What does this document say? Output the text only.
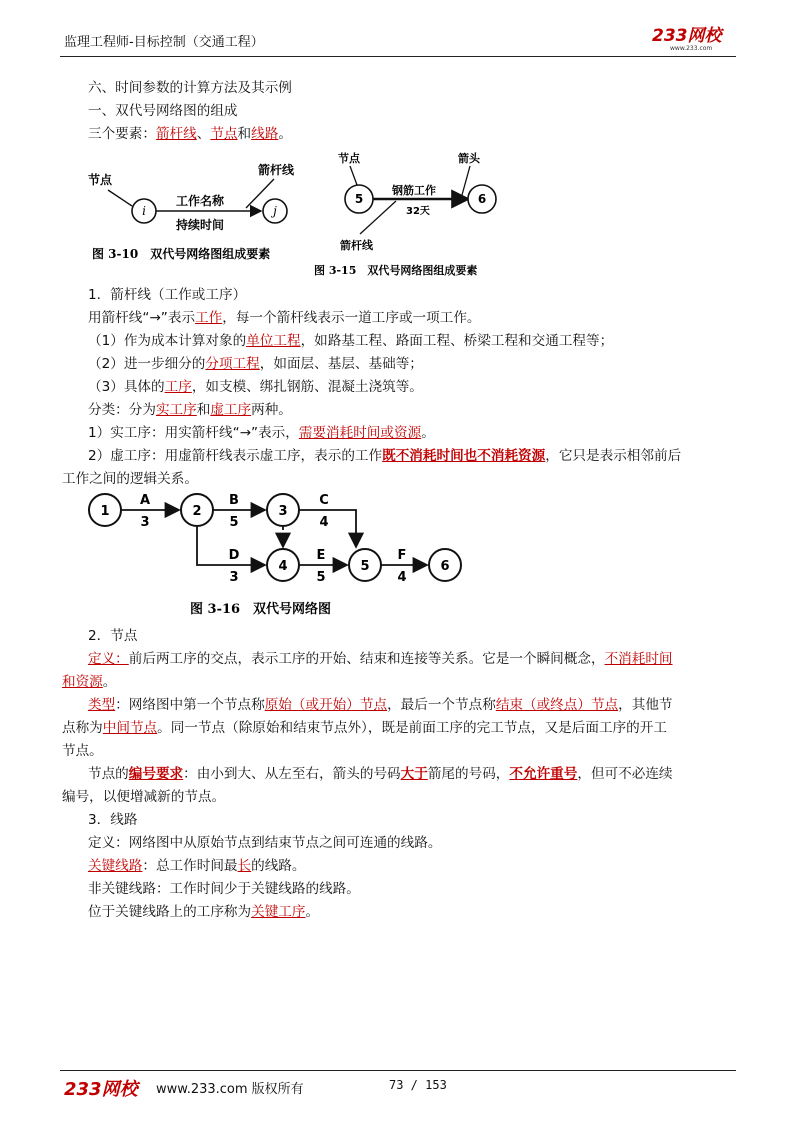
监理工程师-目标控制（交通工程）	233网校
www.233.com
六、时间参数的计算方法及其示例
一、双代号网络图的组成
三个要素：箭杆线、节点和线路。
节点
i	j
工作名称
持续时间
箭杆线
图 3-10　双代号网络图组成要素
节点
5	6
箭头
钢筋工作
32天
箭杆线
图 3-15　双代号网络图组成要素
1．箭杆线（工作或工序）
用箭杆线“→”表示工作，每一个箭杆线表示一道工序或一项工作。
（1）作为成本计算对象的单位工程，如路基工程、路面工程、桥梁工程和交通工程等；
（2）进一步细分的分项工程，如面层、基层、基础等；
（3）具体的工序，如支模、绑扎钢筋、混凝土浇筑等。
分类：分为实工序和虚工序两种。
1）实工序：用实箭杆线“→”表示，需要消耗时间或资源。
2）虚工序：用虚箭杆线表示虚工序，表示的工作既不消耗时间也不消耗资源，它只是表示相邻前后
工作之间的逻辑关系。
1	2	3
4	5	6
A
3
B
5
C
4
D
3
E
5
F
4
图 3-16　双代号网络图
2．节点
定义：前后两工序的交点，表示工序的开始、结束和连接等关系。它是一个瞬间概念，不消耗时间
和资源。
类型：网络图中第一个节点称原始（或开始）节点，最后一个节点称结束（或终点）节点，其他节
点称为中间节点。同一节点（除原始和结束节点外），既是前面工序的完工节点，又是后面工序的开工
节点。
节点的编号要求：由小到大、从左至右，箭头的号码大于箭尾的号码，不允许重号，但可不必连续
编号，以便增减新的节点。
3．线路
定义：网络图中从原始节点到结束节点之间可连通的线路。
关键线路：总工作时间最长的线路。
非关键线路：工作时间少于关键线路的线路。
位于关键线路上的工序称为关键工序。
233网校 www.233.com 版权所有	73 / 153
